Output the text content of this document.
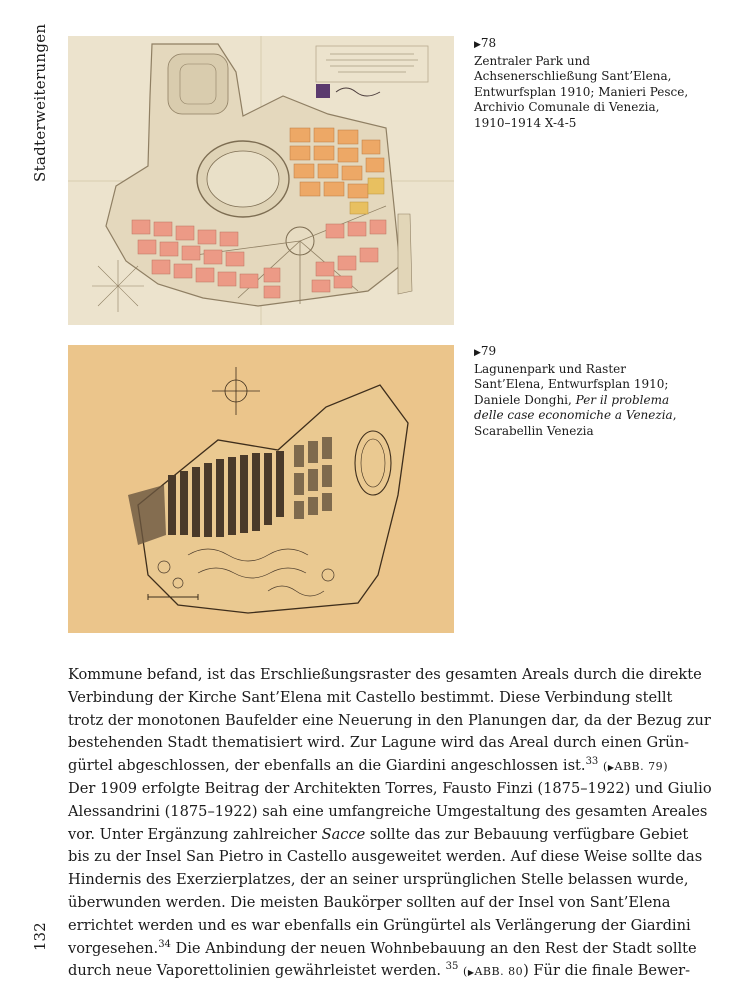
Stadterweiterungen	▶78
Zentraler Park und
Achsenerschließung Sant’Elena,
Entwurfsplan 1910; Manieri Pesce,
Archivio Comunale di Venezia,
1910–1914 X-4-5
▶79
Lagunenpark und Raster
Sant’Elena, Entwurfsplan 1910;
Daniele Donghi, Per il problema
delle case economiche a Venezia,
Scarabellin Venezia
Kommune befand, ist das Erschließungsraster des gesamten Areals durch die direkte
Verbindung der Kirche Sant’Elena mit Castello bestimmt. Diese Verbindung stellt
trotz der monotonen Baufelder eine Neuerung in den Planungen dar, da der Bezug zur
bestehenden Stadt thematisiert wird. Zur Lagune wird das Areal durch einen Grün-
gürtel abgeschlossen, der ebenfalls an die Giardini angeschlossen ist.$^{33}$ (▶ABB. 79)
Der 1909 erfolgte Beitrag der Architekten Torres, Fausto Finzi (1875–1922) und Giulio
Alessandrini (1875–1922) sah eine umfangreiche Umgestaltung des gesamten Areales
vor. Unter Ergänzung zahlreicher Sacce sollte das zur Bebauung verfügbare Gebiet
bis zu der Insel San Pietro in Castello ausgeweitet werden. Auf diese Weise sollte das
Hindernis des Exerzierplatzes, der an seiner ursprünglichen Stelle belassen wurde,
überwunden werden. Die meisten Baukörper sollten auf der Insel von Sant’Elena
errichtet werden und es war ebenfalls ein Grüngürtel als Verlängerung der Giardini
vorgesehen.$^{34}$ Die Anbindung der neuen Wohnbebauung an den Rest der Stadt sollte
durch neue Vaporettolinien gewährleistet werden. $^{35}$ (▶ABB. 80) Für die finale Bewer-
132
